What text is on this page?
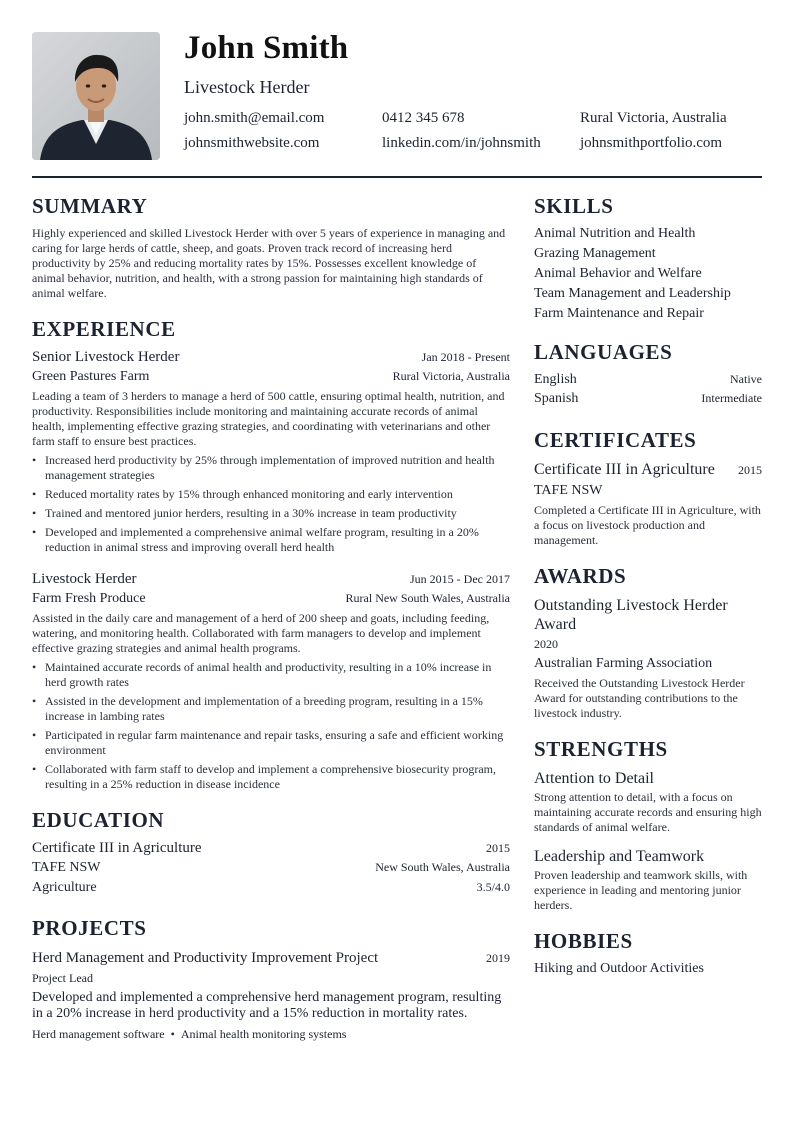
John Smith
Livestock Herder
john.smith@email.com	0412 345 678	Rural Victoria, Australia
johnsmithwebsite.com	linkedin.com/in/johnsmith	johnsmithportfolio.com
SUMMARY
Highly experienced and skilled Livestock Herder with over 5 years of experience in managing and caring for large herds of cattle, sheep, and goats. Proven track record of increasing herd productivity by 25% and reducing mortality rates by 15%. Possesses excellent knowledge of animal behavior, nutrition, and health, with a strong passion for maintaining high standards of animal welfare.
EXPERIENCE
Senior Livestock Herder	Jan 2018 - Present
Green Pastures Farm	Rural Victoria, Australia
Leading a team of 3 herders to manage a herd of 500 cattle, ensuring optimal health, nutrition, and productivity. Responsibilities include monitoring and maintaining accurate records of animal health, implementing effective grazing strategies, and coordinating with veterinarians and other farm staff to ensure best practices.
• Increased herd productivity by 25% through implementation of improved nutrition and health management strategies
• Reduced mortality rates by 15% through enhanced monitoring and early intervention
• Trained and mentored junior herders, resulting in a 30% increase in team productivity
• Developed and implemented a comprehensive animal welfare program, resulting in a 20% reduction in animal stress and improving overall herd health
Livestock Herder	Jun 2015 - Dec 2017
Farm Fresh Produce	Rural New South Wales, Australia
Assisted in the daily care and management of a herd of 200 sheep and goats, including feeding, watering, and monitoring health. Collaborated with farm managers to develop and implement effective grazing strategies and animal health programs.
• Maintained accurate records of animal health and productivity, resulting in a 10% increase in herd growth rates
• Assisted in the development and implementation of a breeding program, resulting in a 15% increase in lambing rates
• Participated in regular farm maintenance and repair tasks, ensuring a safe and efficient working environment
• Collaborated with farm staff to develop and implement a comprehensive biosecurity program, resulting in a 25% reduction in disease incidence
EDUCATION
Certificate III in Agriculture	2015
TAFE NSW	New South Wales, Australia
Agriculture	3.5/4.0
PROJECTS
Herd Management and Productivity Improvement Project	2019
Project Lead
Developed and implemented a comprehensive herd management program, resulting in a 20% increase in herd productivity and a 15% reduction in mortality rates.
Herd management software • Animal health monitoring systems
SKILLS
Animal Nutrition and Health
Grazing Management
Animal Behavior and Welfare
Team Management and Leadership
Farm Maintenance and Repair
LANGUAGES
English	Native
Spanish	Intermediate
CERTIFICATES
Certificate III in Agriculture 2015
TAFE NSW
Completed a Certificate III in Agriculture, with a focus on livestock production and management.
AWARDS
Outstanding Livestock Herder Award
2020
Australian Farming Association
Received the Outstanding Livestock Herder Award for outstanding contributions to the livestock industry.
STRENGTHS
Attention to Detail
Strong attention to detail, with a focus on maintaining accurate records and ensuring high standards of animal welfare.
Leadership and Teamwork
Proven leadership and teamwork skills, with experience in leading and mentoring junior herders.
HOBBIES
Hiking and Outdoor Activities
